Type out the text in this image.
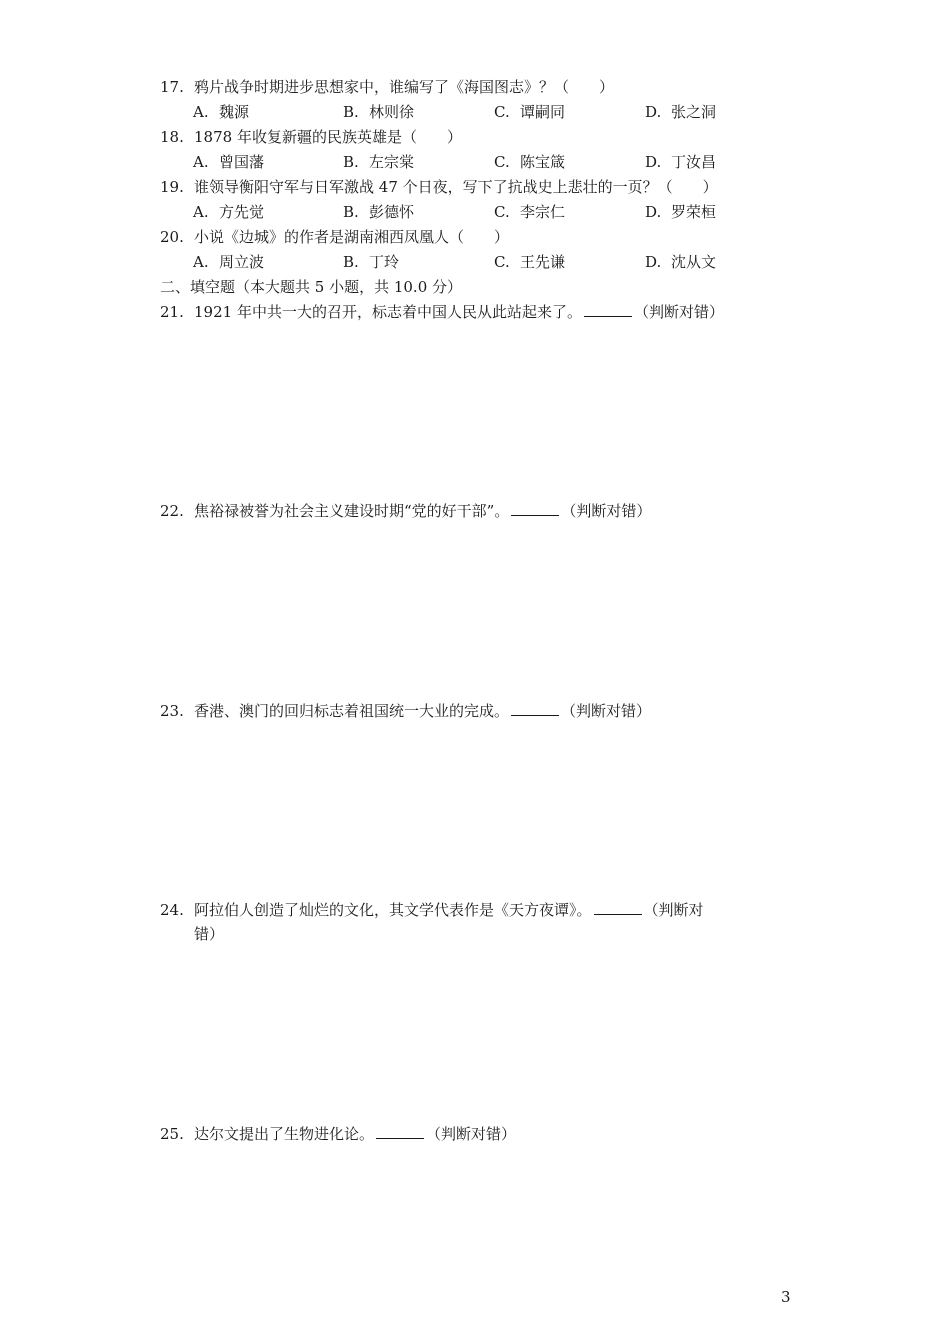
17. 鸦片战争时期进步思想家中，谁编写了《海国图志》？（　　）
A. 魏源	B. 林则徐	C. 谭嗣同	D. 张之洞
18. 1878 年收复新疆的民族英雄是（　　）
A. 曾国藩	B. 左宗棠	C. 陈宝箴	D. 丁汝昌
19. 谁领导衡阳守军与日军激战 47 个日夜，写下了抗战史上悲壮的一页？（　　）
A. 方先觉	B. 彭德怀	C. 李宗仁	D. 罗荣桓
20. 小说《边城》的作者是湖南湘西凤凰人（　　）
A. 周立波	B. 丁玲	C. 王先谦	D. 沈从文
二、填空题（本大题共 5 小题，共 10.0 分）
21. 1921 年中共一大的召开，标志着中国人民从此站起来了。	（判断对错）
22. 焦裕禄被誉为社会主义建设时期“党的好干部”。	（判断对错）
23. 香港、澳门的回归标志着祖国统一大业的完成。	（判断对错）
24. 阿拉伯人创造了灿烂的文化，其文学代表作是《天方夜谭》。	（判断对
错）
25. 达尔文提出了生物进化论。	（判断对错）
3
